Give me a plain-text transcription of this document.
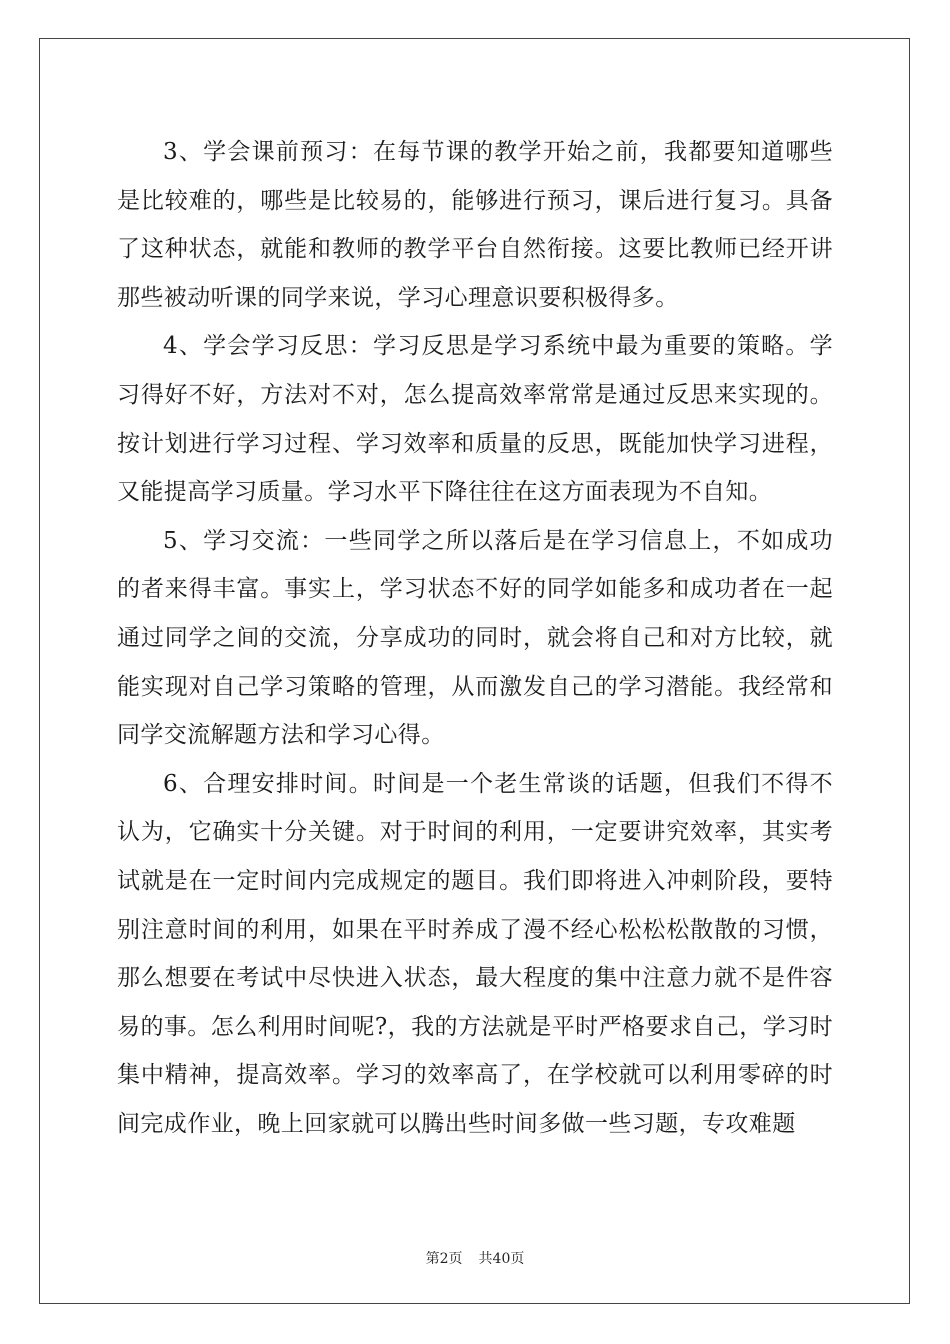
3、学会课前预习：在每节课的教学开始之前，我都要知道哪些是比较难的，哪些是比较易的，能够进行预习，课后进行复习。具备了这种状态，就能和教师的教学平台自然衔接。这要比教师已经开讲那些被动听课的同学来说，学习心理意识要积极得多。

4、学会学习反思：学习反思是学习系统中最为重要的策略。学习得好不好，方法对不对，怎么提高效率常常是通过反思来实现的。按计划进行学习过程、学习效率和质量的反思，既能加快学习进程，又能提高学习质量。学习水平下降往往在这方面表现为不自知。

5、学习交流：一些同学之所以落后是在学习信息上，不如成功的者来得丰富。事实上，学习状态不好的同学如能多和成功者在一起通过同学之间的交流，分享成功的同时，就会将自己和对方比较，就能实现对自己学习策略的管理，从而激发自己的学习潜能。我经常和同学交流解题方法和学习心得。

6、合理安排时间。时间是一个老生常谈的话题，但我们不得不认为，它确实十分关键。对于时间的利用，一定要讲究效率，其实考试就是在一定时间内完成规定的题目。我们即将进入冲刺阶段，要特别注意时间的利用，如果在平时养成了漫不经心松松松散散的习惯，那么想要在考试中尽快进入状态，最大程度的集中注意力就不是件容易的事。怎么利用时间呢?，我的方法就是平时严格要求自己，学习时集中精神，提高效率。学习的效率高了，在学校就可以利用零碎的时间完成作业，晚上回家就可以腾出些时间多做一些习题，专攻难题

第2页 共40页
